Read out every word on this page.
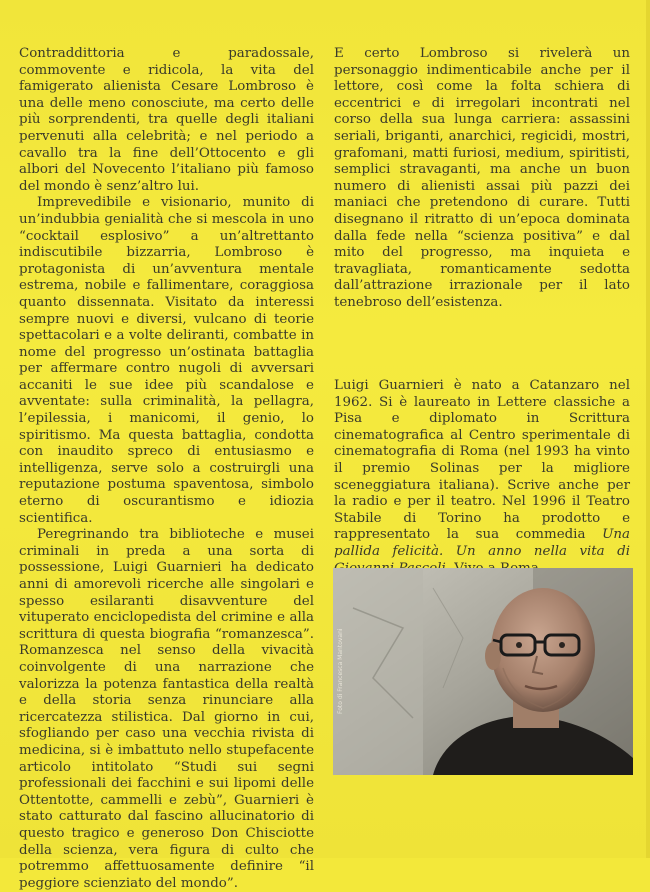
Contraddittoria e paradossale, commovente e ridicola, la vita del famigerato alienista Cesare Lombroso è una delle meno conosciute, ma certo delle più sorprendenti, tra quelle degli italiani pervenuti alla celebrità; e nel periodo a cavallo tra la fine dell’Ottocento e gli albori del Novecento l’italiano più famoso del mondo è senz’altro lui.

Imprevedibile e visionario, munito di un’indubbia genialità che si mescola in uno “cocktail esplosivo” a un’altrettanto indiscutibile bizzarria, Lombroso è protagonista di un’avventura mentale estrema, nobile e fallimentare, coraggiosa quanto dissennata. Visitato da interessi sempre nuovi e diversi, vulcano di teorie spettacolari e a volte deliranti, combatte in nome del progresso un’ostinata battaglia per affermare contro nugoli di avversari accaniti le sue idee più scandalose e avventate: sulla criminalità, la pellagra, l’epilessia, i manicomi, il genio, lo spiritismo. Ma questa battaglia, condotta con inaudito spreco di entusiasmo e intelligenza, serve solo a costruirgli una reputazione postuma spaventosa, simbolo eterno di oscurantismo e idiozia scientifica.

Peregrinando tra biblioteche e musei criminali in preda a una sorta di possessione, Luigi Guarnieri ha dedicato anni di amorevoli ricerche alle singolari e spesso esilaranti disavventure del vituperato enciclopedista del crimine e alla scrittura di questa biografia “romanzesca”. Romanzesca nel senso della vivacità coinvolgente di una narrazione che valorizza la potenza fantastica della realtà e della storia senza rinunciare alla ricercatezza stilistica. Dal giorno in cui, sfogliando per caso una vecchia rivista di medicina, si è imbattuto nello stupefacente articolo intitolato “Studi sui segni professionali dei facchini e sui lipomi delle Ottentotte, cammelli e zebù”, Guarnieri è stato catturato dal fascino allucinatorio di questo tragico e generoso Don Chisciotte della scienza, vera figura di culto che potremmo affettuosamente definire “il peggiore scienziato del mondo”.

E certo Lombroso si rivelerà un personaggio indimenticabile anche per il lettore, così come la folta schiera di eccentrici e di irregolari incontrati nel corso della sua lunga carriera: assassini seriali, briganti, anarchici, regicidi, mostri, grafomani, matti furiosi, medium, spiritisti, semplici stravaganti, ma anche un buon numero di alienisti assai più pazzi dei maniaci che pretendono di curare. Tutti disegnano il ritratto di un’epoca dominata dalla fede nella “scienza positiva” e dal mito del progresso, ma inquieta e travagliata, romanticamente sedotta dall’attrazione irrazionale per il lato tenebroso dell’esistenza.

Luigi Guarnieri è nato a Catanzaro nel 1962. Si è laureato in Lettere classiche a Pisa e diplomato in Scrittura cinematografica al Centro sperimentale di cinematografia di Roma (nel 1993 ha vinto il premio Solinas per la migliore sceneggiatura italiana). Scrive anche per la radio e per il teatro. Nel 1996 il Teatro Stabile di Torino ha prodotto e rappresentato la sua commedia Una pallida felicità. Un anno nella vita di

Foto di Francesca Mantovani
